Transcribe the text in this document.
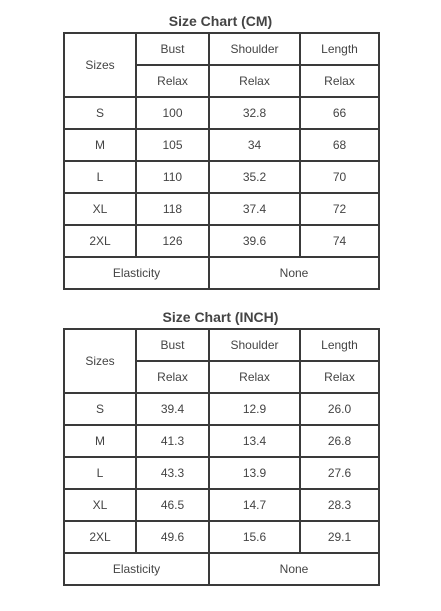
Size Chart (CM)
Sizes	Bust	Shoulder	Length
	Relax	Relax	Relax
S	100	32.8	66
M	105	34	68
L	110	35.2	70
XL	118	37.4	72
2XL	126	39.6	74
Elasticity		None	
Size Chart (INCH)
Sizes	Bust	Shoulder	Length
	Relax	Relax	Relax
S	39.4	12.9	26.0
M	41.3	13.4	26.8
L	43.3	13.9	27.6
XL	46.5	14.7	28.3
2XL	49.6	15.6	29.1
Elasticity		None	
